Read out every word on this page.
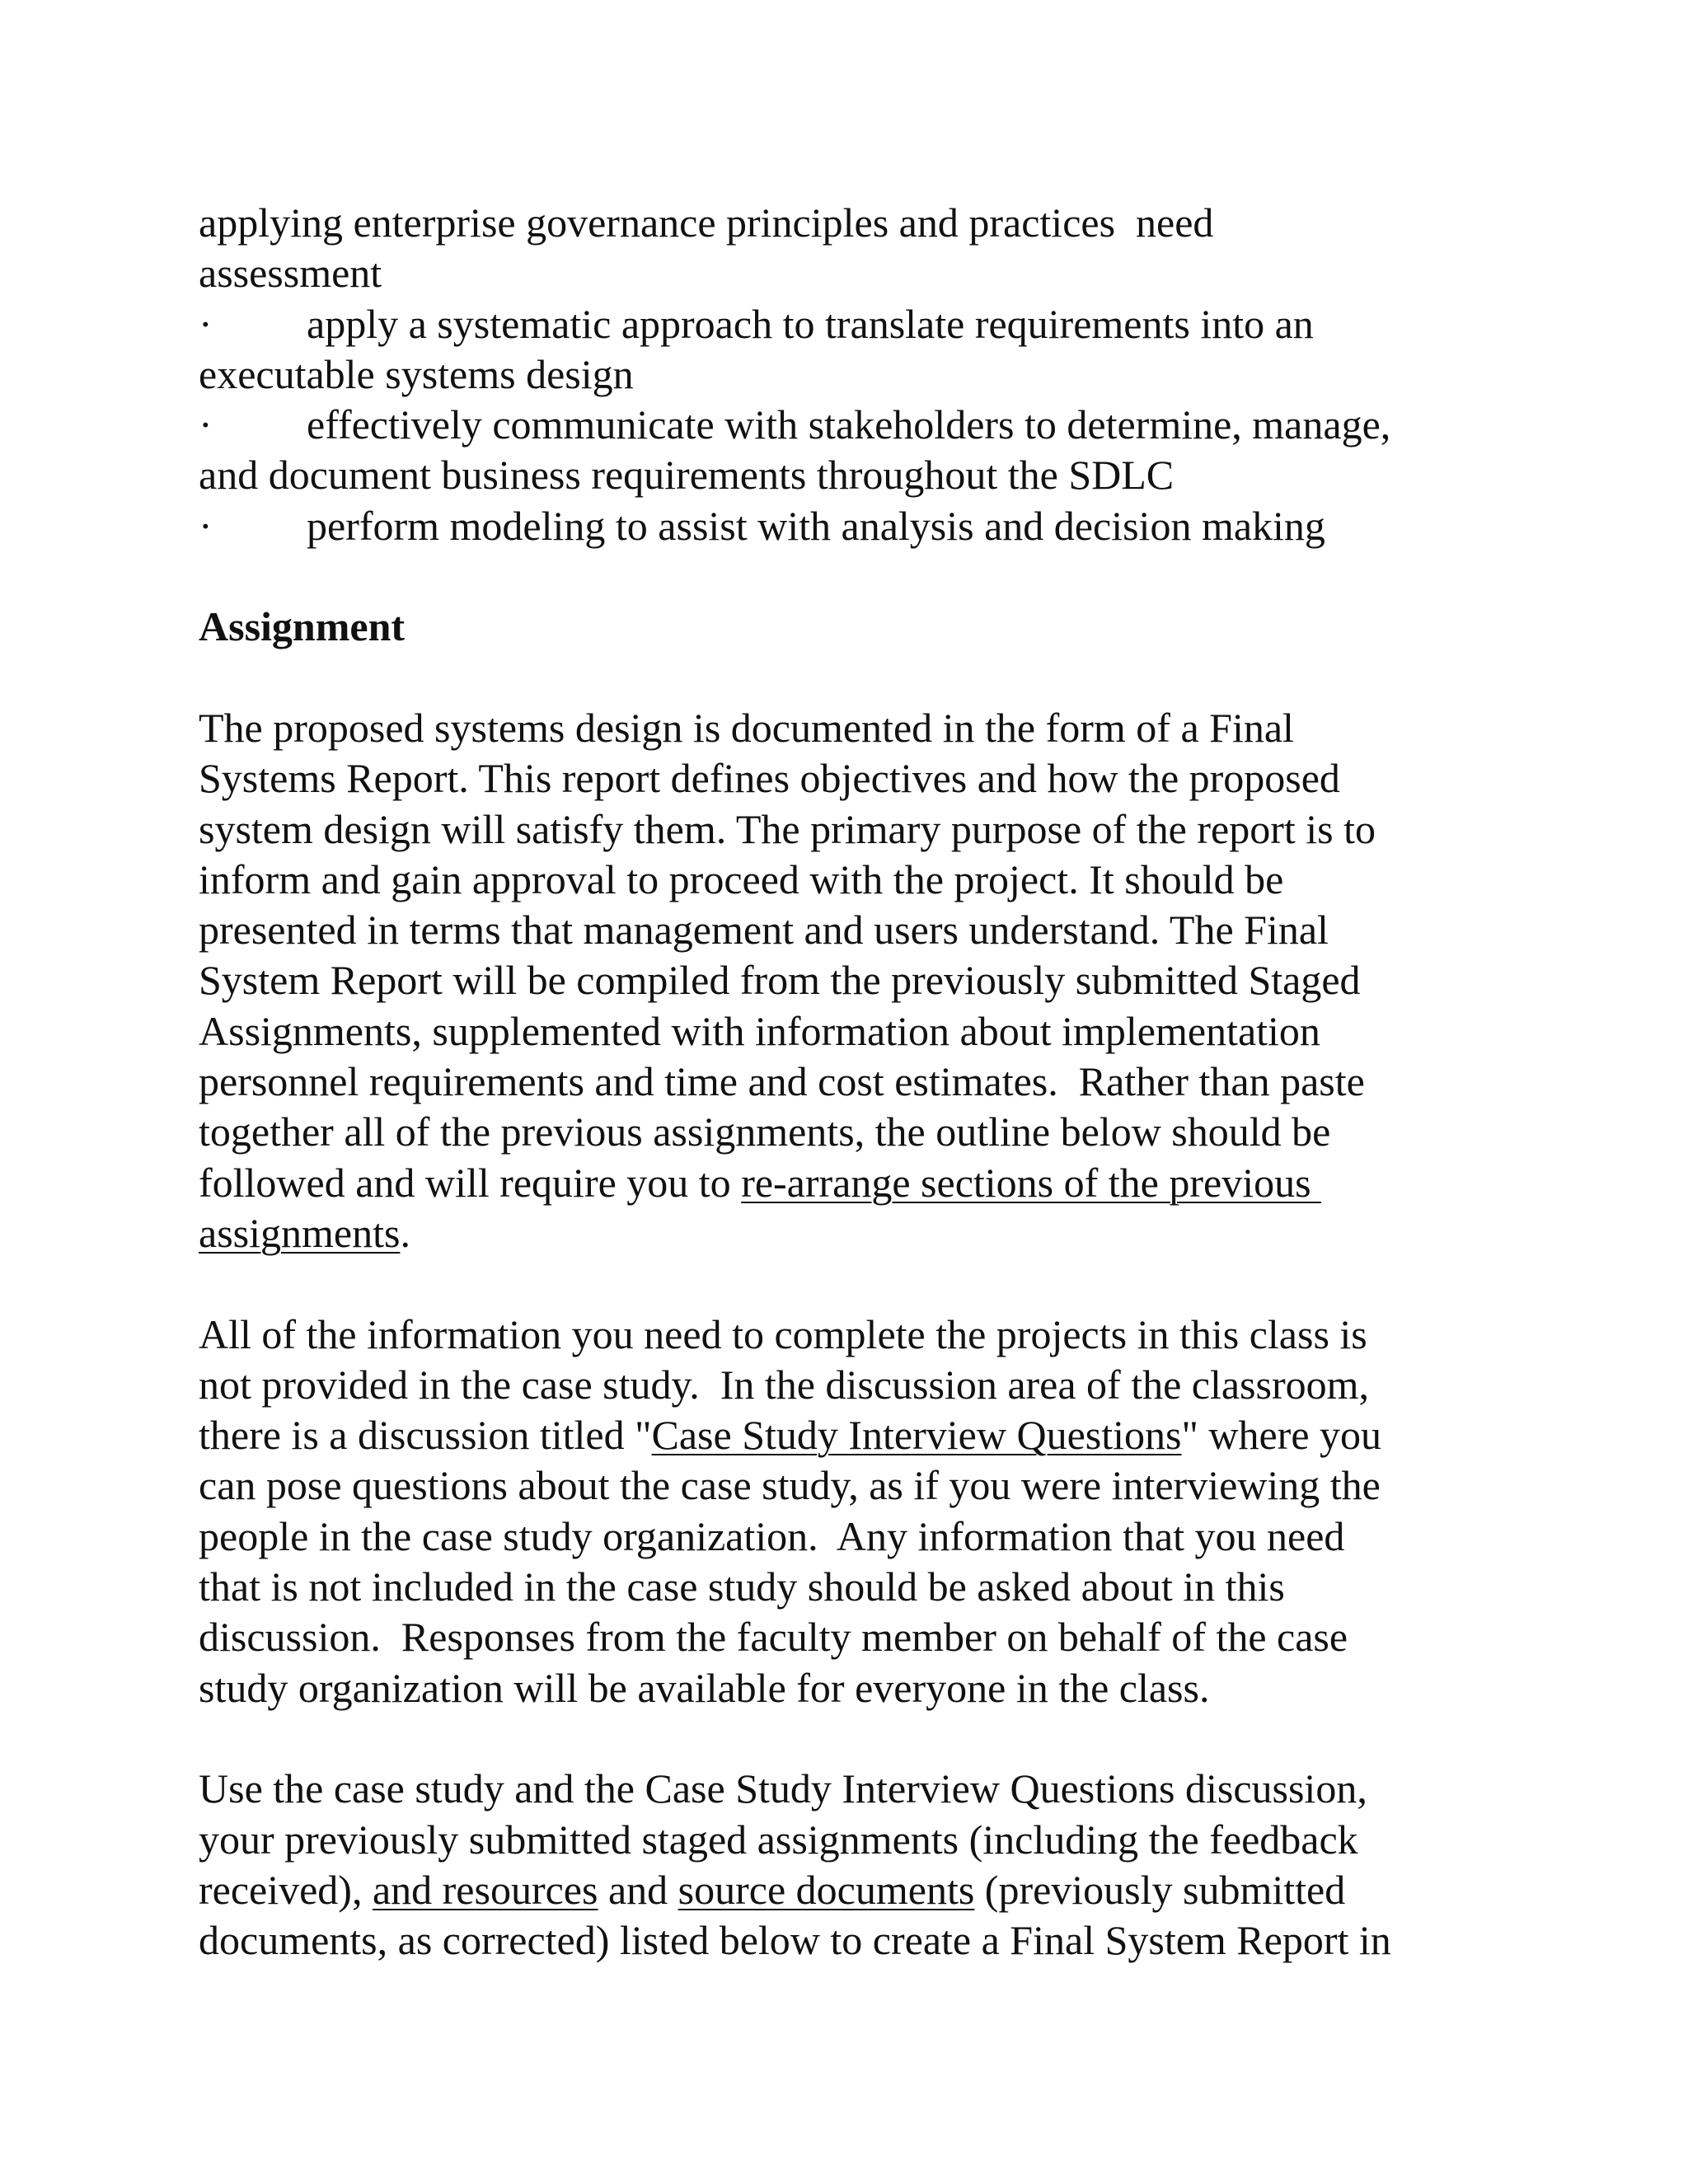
applying enterprise governance principles and practices  need
assessment

·

apply a systematic approach to translate requirements into an

executable systems design

·

effectively communicate with stakeholders to determine, manage,

and document business requirements throughout the SDLC

·

perform modeling to assist with analysis and decision making

Assignment
The proposed systems design is documented in the form of a Final
Systems Report. This report defines objectives and how the proposed
system design will satisfy them. The primary purpose of the report is to
inform and gain approval to proceed with the project. It should be
presented in terms that management and users understand. The Final
System Report will be compiled from the previously submitted Staged
Assignments, supplemented with information about implementation
personnel requirements and time and cost estimates.  Rather than paste
together all of the previous assignments, the outline below should be
followed and will require you to re-arrange sections of the previous
assignments.
All of the information you need to complete the projects in this class is
not provided in the case study.  In the discussion area of the classroom,
there is a discussion titled "Case Study Interview Questions" where you
can pose questions about the case study, as if you were interviewing the
people in the case study organization.  Any information that you need
that is not included in the case study should be asked about in this
discussion.  Responses from the faculty member on behalf of the case
study organization will be available for everyone in the class.
Use the case study and the Case Study Interview Questions discussion,
your previously submitted staged assignments (including the feedback
received), and resources and source documents (previously submitted
documents, as corrected) listed below to create a Final System Report in
